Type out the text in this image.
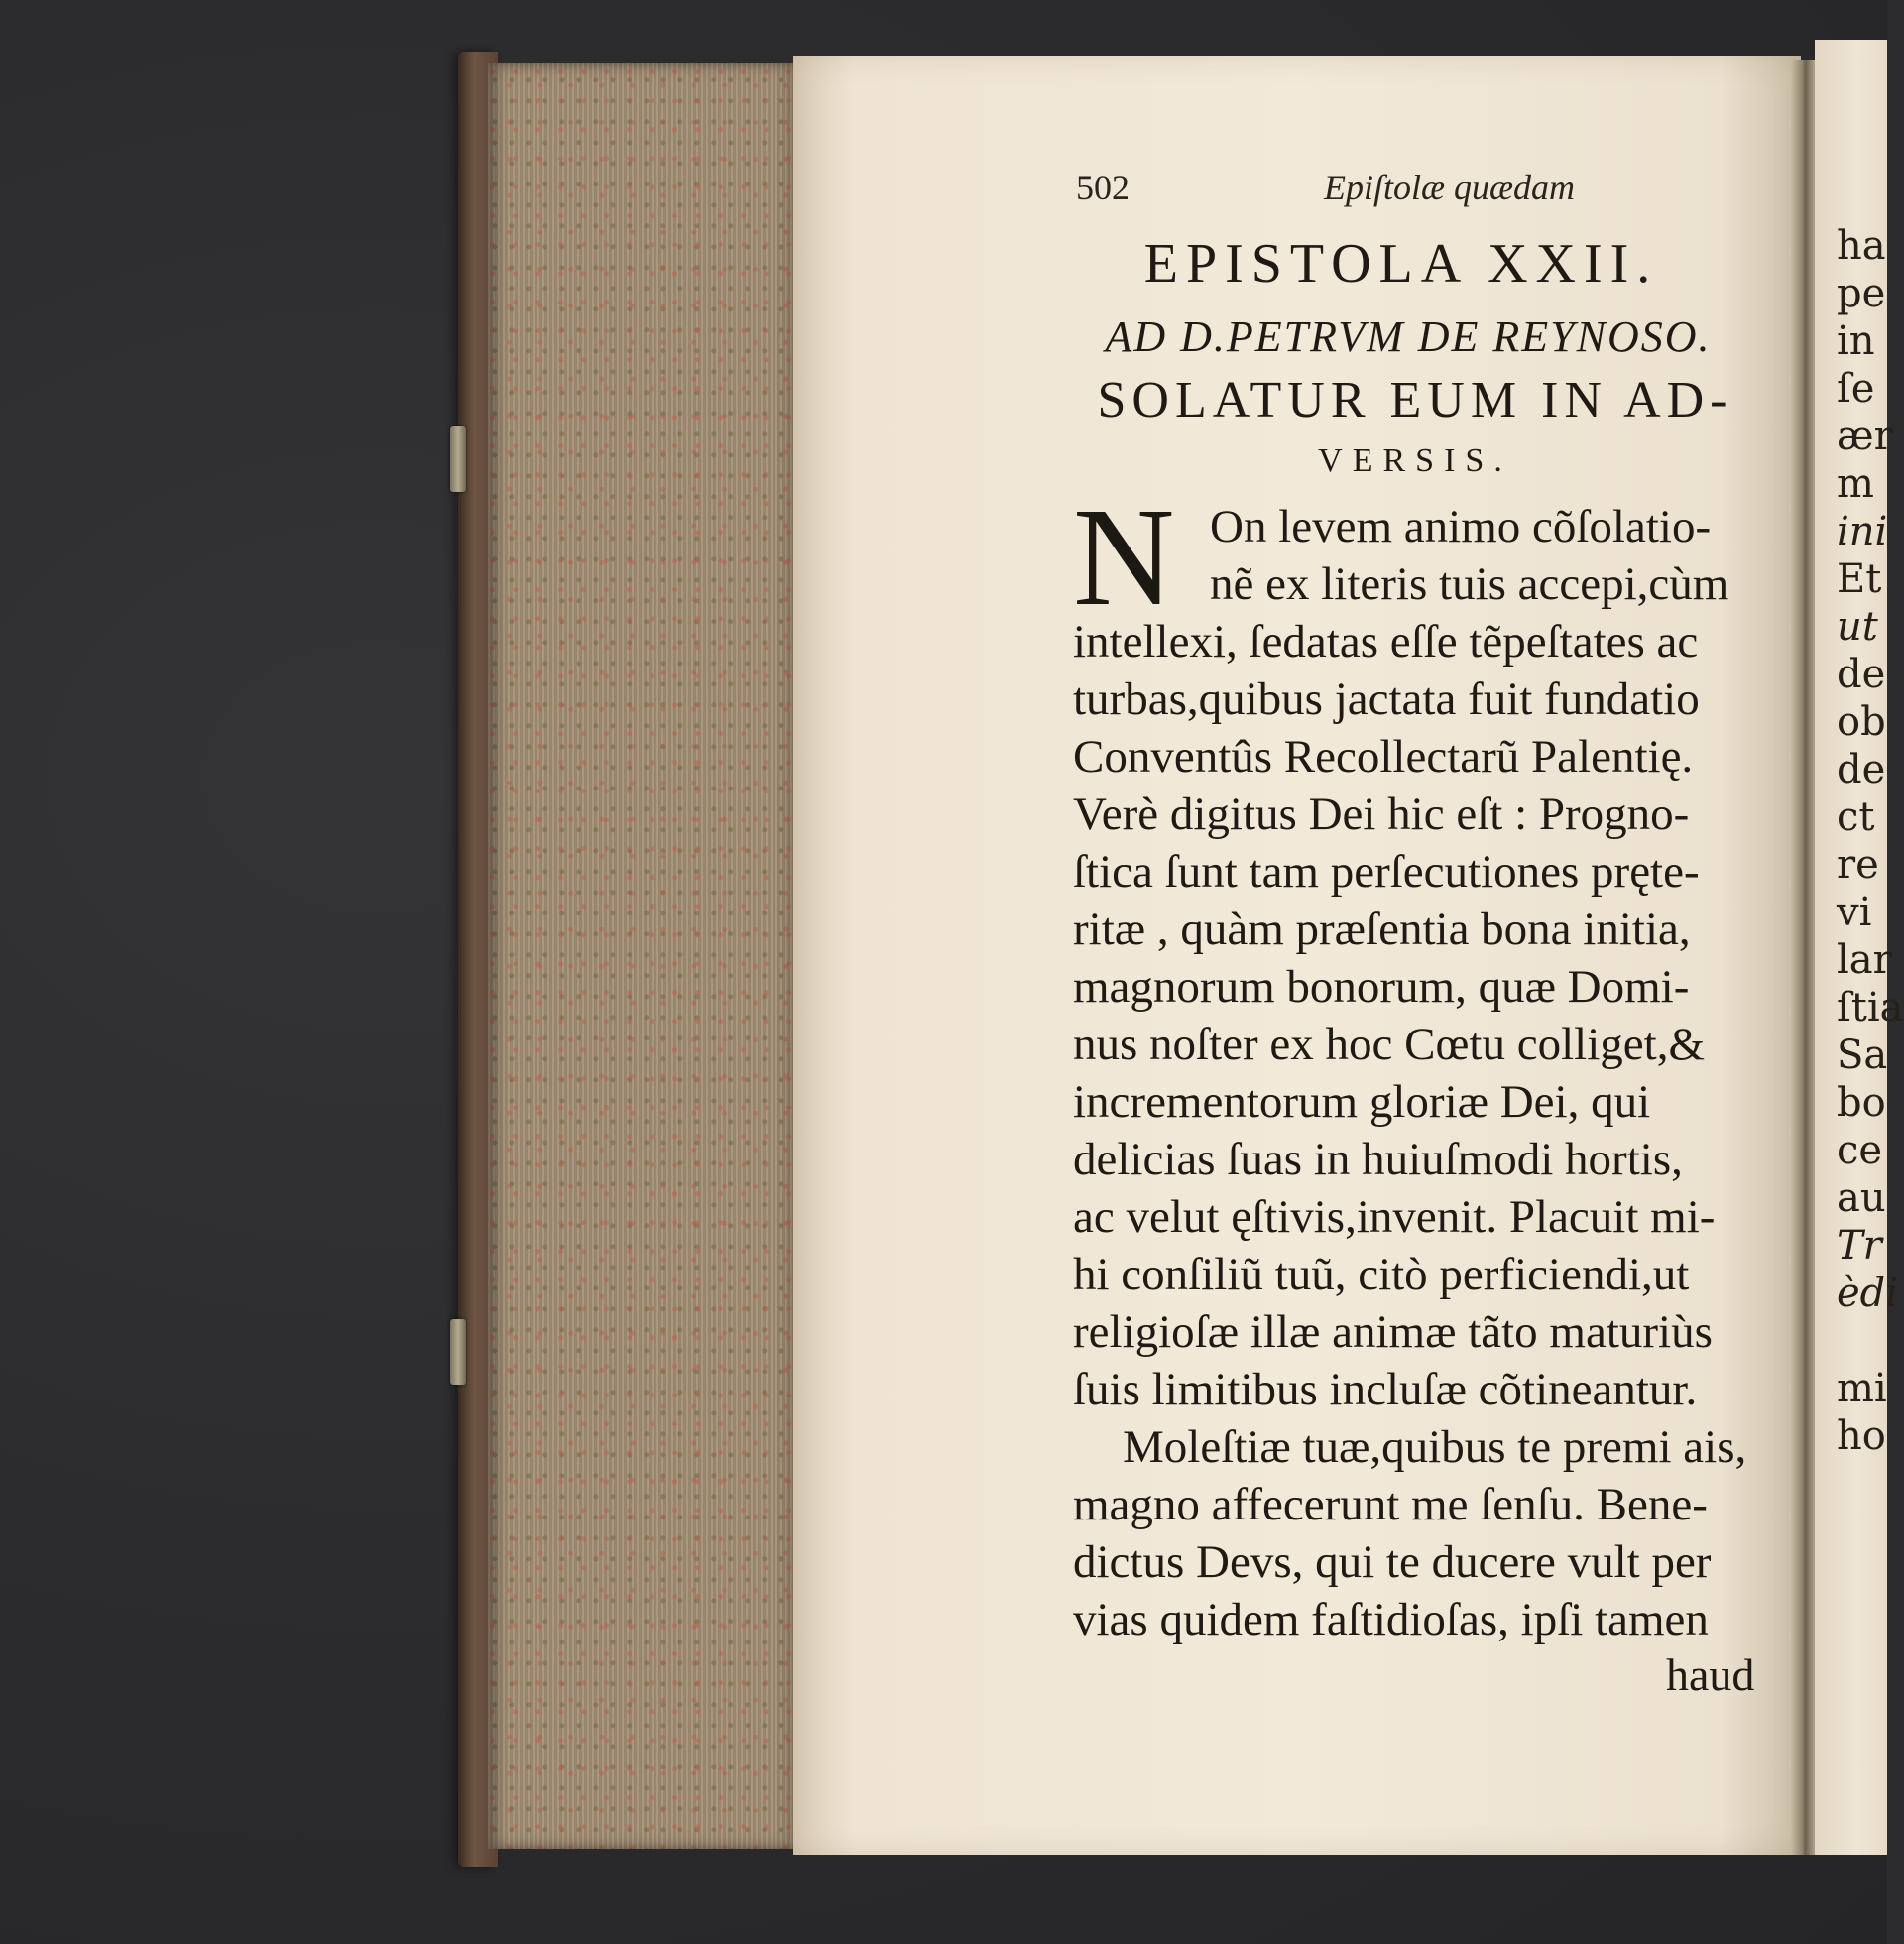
ha
pe
in
ſe
ær
m
ini
Et
ut
de
ob
de
ct
re
vi
lar
ſtia
Sa
bo
ce
au
Tr
èdi
mi
ho
502	Epiſtolæ quædam
EPISTOLA XXII.
AD D.PETRVM DE REYNOSO.
SOLATUR EUM IN AD-
VERSIS.
N On levem animo cõſolatio-
nẽ ex literis tuis accepi,cùm
intellexi, ſedatas eſſe tẽpeſtates ac
turbas,quibus jactata fuit fundatio
Conventûs Recollectarũ Palentię.
Verè digitus Dei hic eſt : Progno-
ſtica ſunt tam perſecutiones pręte-
ritæ , quàm præſentia bona initia,
magnorum bonorum, quæ Domi-
nus noſter ex hoc Cœtu colliget,&
incrementorum gloriæ Dei, qui
delicias ſuas in huiuſmodi hortis,
ac velut ęſtivis,invenit. Placuit mi-
hi conſiliũ tuũ, citò perficiendi,ut
religioſæ illæ animæ tãto maturiùs
ſuis limitibus incluſæ cõtineantur.
Moleſtiæ tuæ,quibus te premi ais,
magno affecerunt me ſenſu. Bene-
dictus Devs, qui te ducere vult per
vias quidem faſtidioſas, ipſi tamen
haud
